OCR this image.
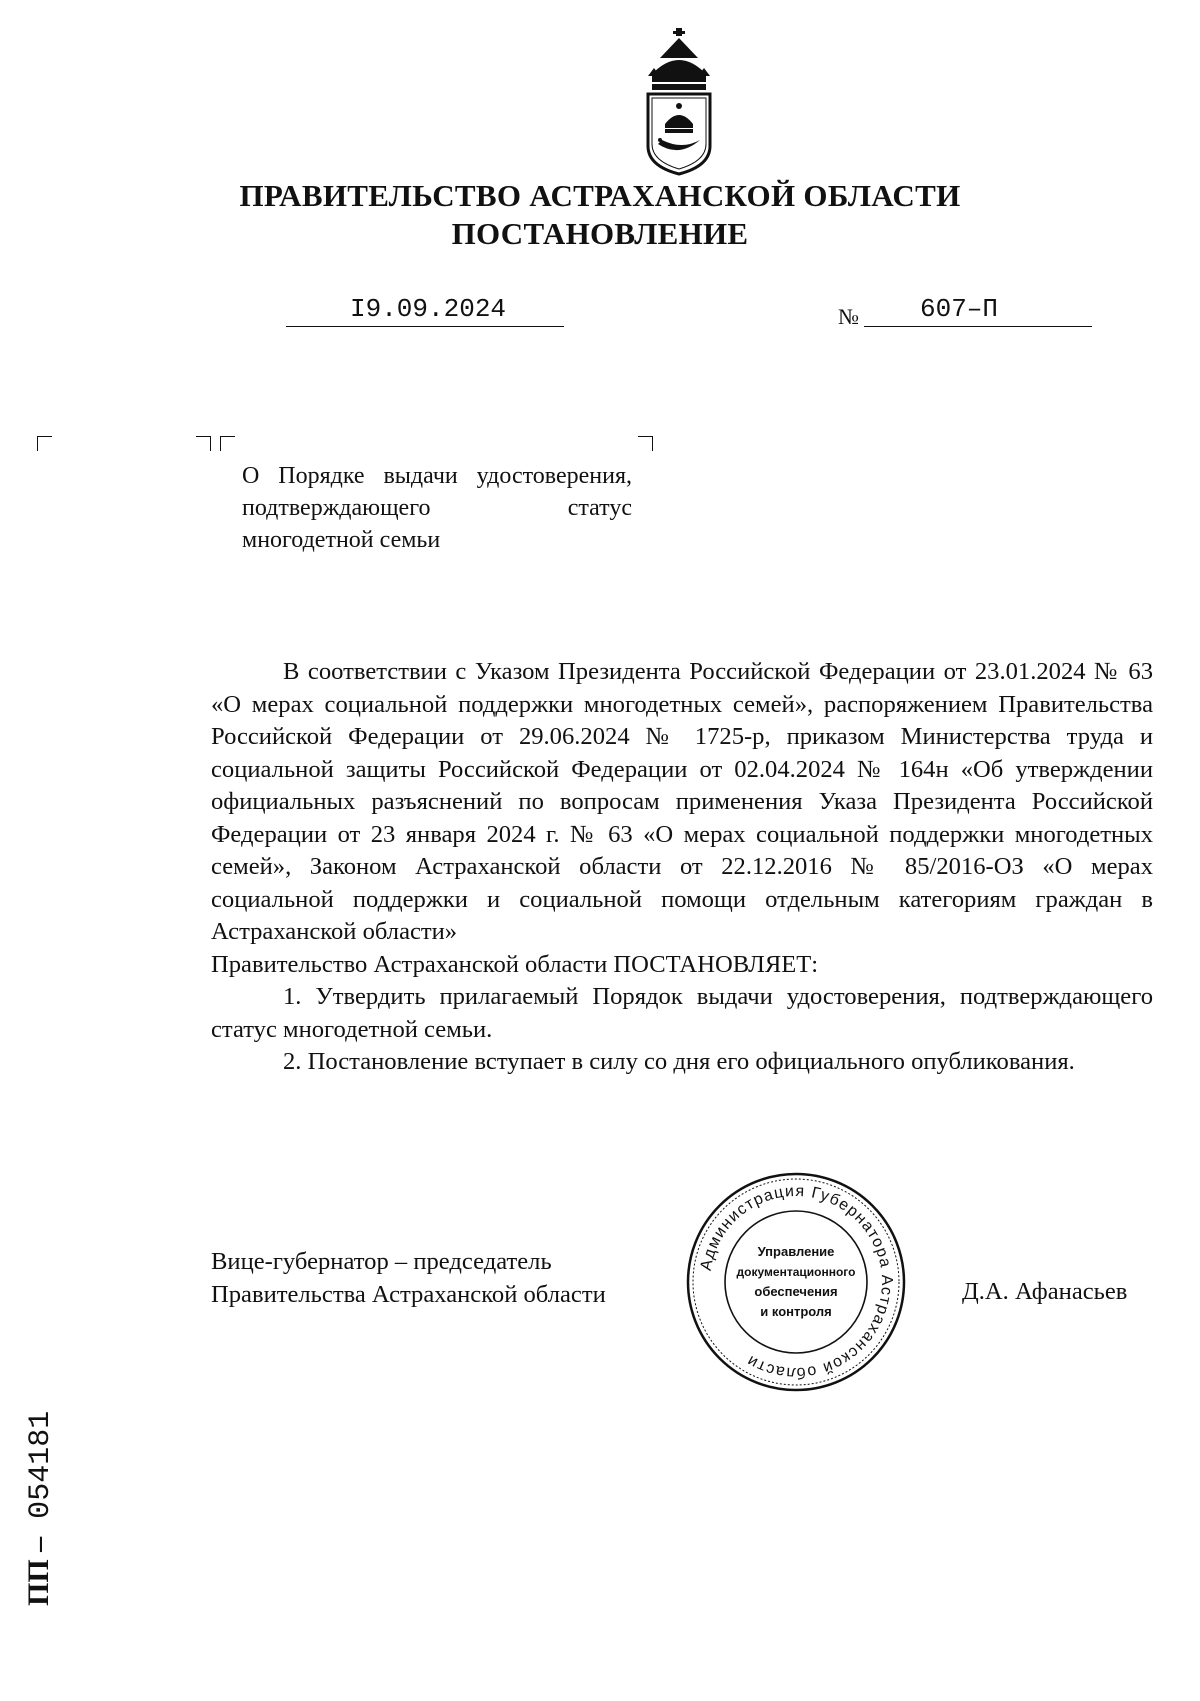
ПРАВИТЕЛЬСТВО АСТРАХАНСКОЙ ОБЛАСТИ
ПОСТАНОВЛЕНИЕ
I9.09.2024	№ 607–П
О Порядке выдачи удостоверения, подтверждающего статус многодетной семьи

В соответствии с Указом Президента Российской Федерации от 23.01.2024 № 63 «О мерах социальной поддержки многодетных семей», распоряжением Правительства Российской Федерации от 29.06.2024 № 1725-р, приказом Министерства труда и социальной защиты Российской Федерации от 02.04.2024 № 164н «Об утверждении официальных разъяснений по вопросам применения Указа Президента Российской Федерации от 23 января 2024 г. № 63 «О мерах социальной поддержки многодетных семей», Законом Астраханской области от 22.12.2016 № 85/2016-ОЗ «О мерах социальной поддержки и социальной помощи отдельным категориям граждан в Астраханской области»

Правительство Астраханской области ПОСТАНОВЛЯЕТ:

1. Утвердить прилагаемый Порядок выдачи удостоверения, подтверждающего статус многодетной семьи.

2. Постановление вступает в силу со дня его официального опубликования.

Вице-губернатор – председатель
Правительства Астраханской области	Д.А. Афанасьев
Администрация Губернатора Астраханской области
Управление
документационного
обеспечения
и контроля
ПП – 054181
